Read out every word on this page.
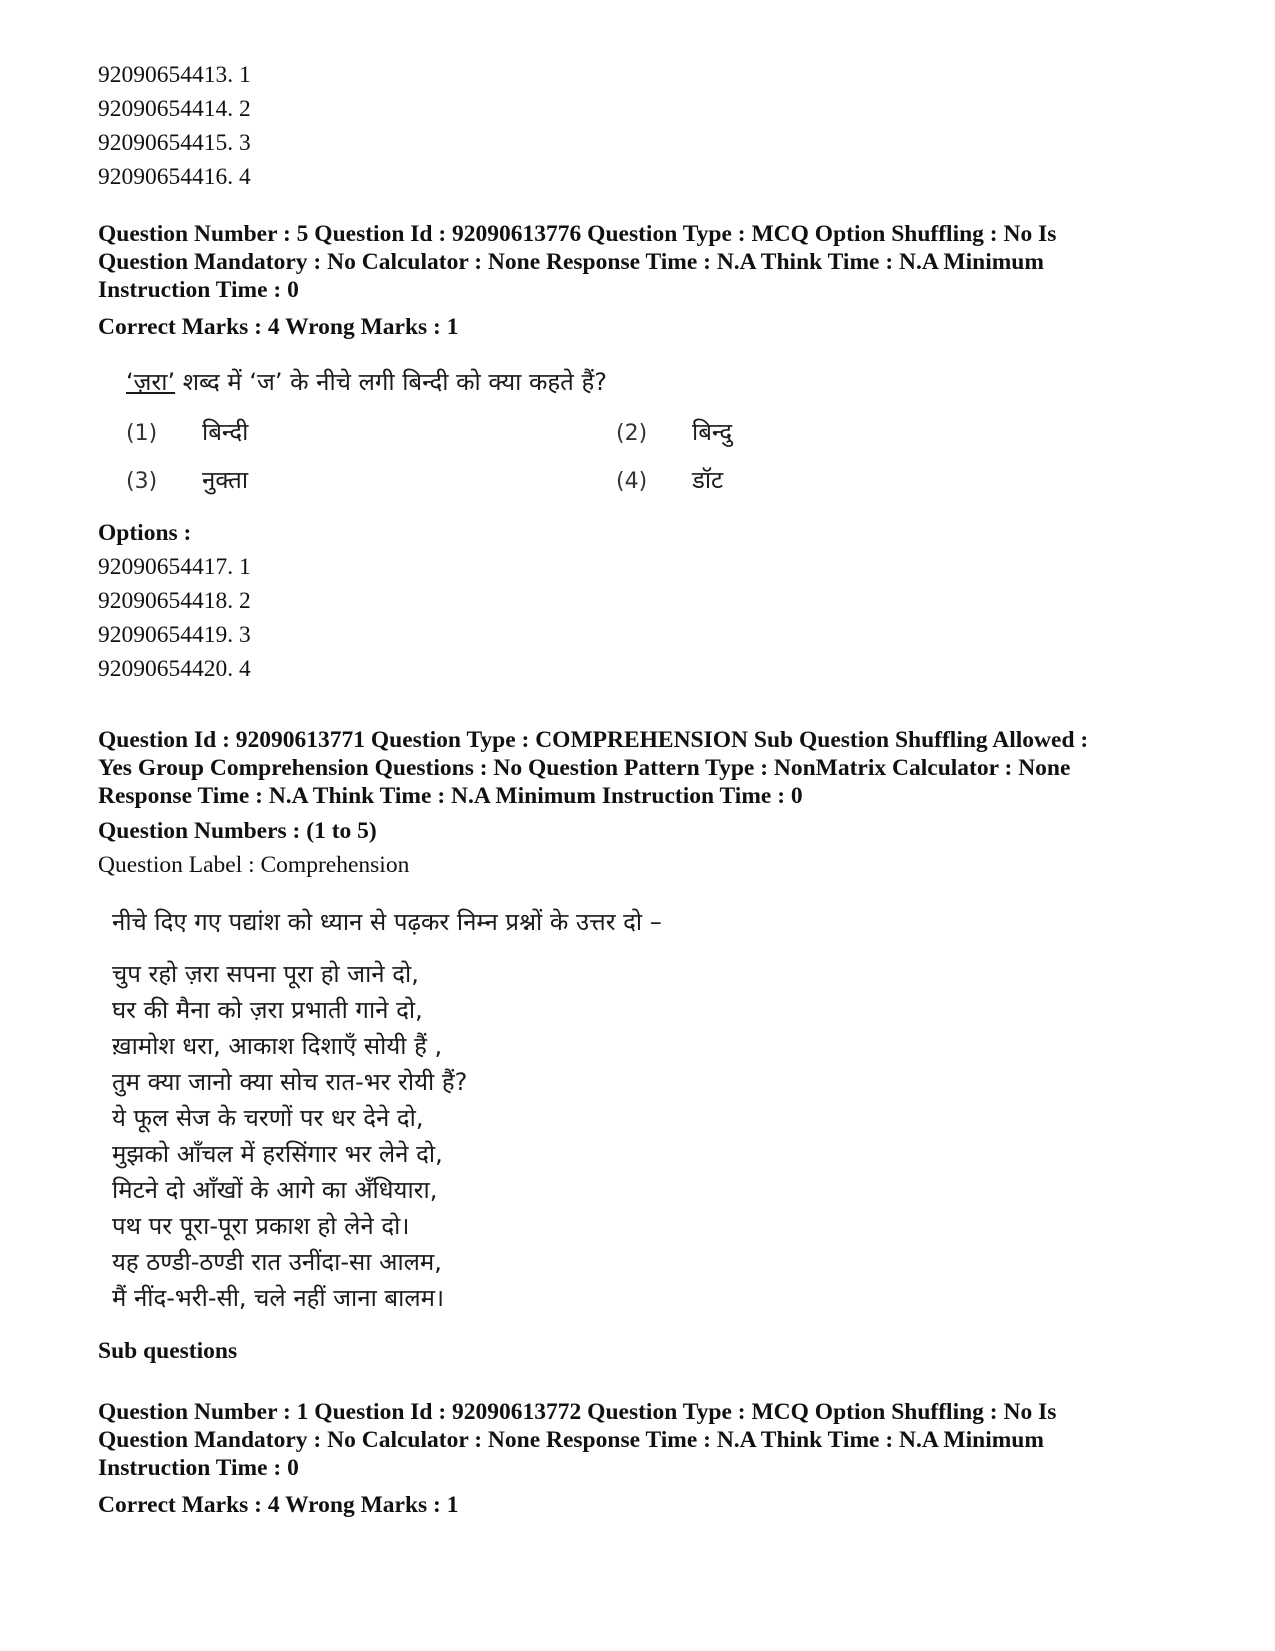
92090654413. 1
92090654414. 2
92090654415. 3
92090654416. 4
Question Number : 5 Question Id : 92090613776 Question Type : MCQ Option Shuffling : No Is
Question Mandatory : No Calculator : None Response Time : N.A Think Time : N.A Minimum
Instruction Time : 0
Correct Marks : 4 Wrong Marks : 1
‘ज़रा’ शब्द में ‘ज’ के नीचे लगी बिन्दी को क्या कहते हैं?
(1)	बिन्दी	(2)	बिन्दु
(3)	नुक्ता	(4)	डॉट
Options :
92090654417. 1
92090654418. 2
92090654419. 3
92090654420. 4
Question Id : 92090613771 Question Type : COMPREHENSION Sub Question Shuffling Allowed :
Yes Group Comprehension Questions : No Question Pattern Type : NonMatrix Calculator : None
Response Time : N.A Think Time : N.A Minimum Instruction Time : 0
Question Numbers : (1 to 5)
Question Label : Comprehension
नीचे दिए गए पद्यांश को ध्यान से पढ़कर निम्न प्रश्नों के उत्तर दो –
चुप रहो ज़रा सपना पूरा हो जाने दो,
घर की मैना को ज़रा प्रभाती गाने दो,
ख़ामोश धरा, आकाश दिशाएँ सोयी हैं ,
तुम क्या जानो क्या सोच रात-भर रोयी हैं?
ये फूल सेज के चरणों पर धर देने दो,
मुझको आँचल में हरसिंगार भर लेने दो,
मिटने दो आँखों के आगे का अँधियारा,
पथ पर पूरा-पूरा प्रकाश हो लेने दो।
यह ठण्डी-ठण्डी रात उनींदा-सा आलम,
मैं नींद-भरी-सी, चले नहीं जाना बालम।
Sub questions
Question Number : 1 Question Id : 92090613772 Question Type : MCQ Option Shuffling : No Is
Question Mandatory : No Calculator : None Response Time : N.A Think Time : N.A Minimum
Instruction Time : 0
Correct Marks : 4 Wrong Marks : 1
